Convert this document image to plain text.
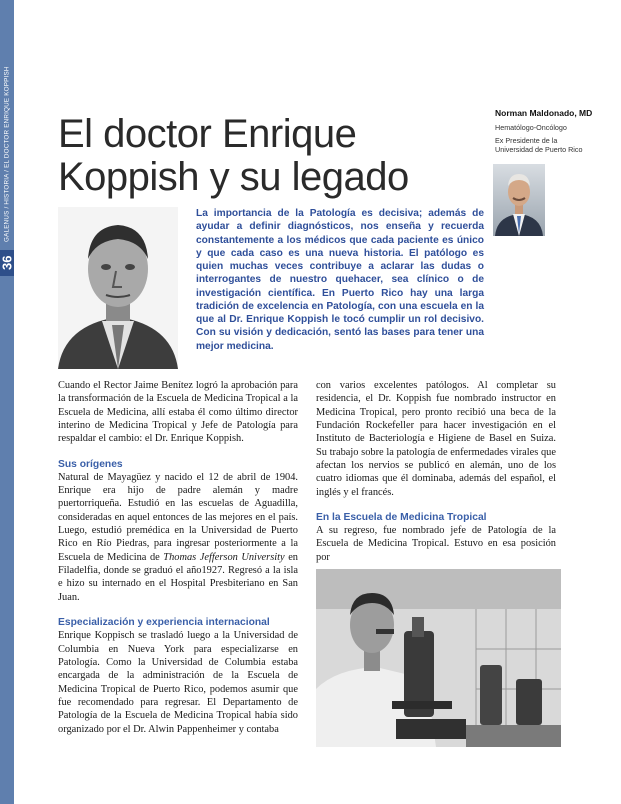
GALENUS / HISTORIA / EL DOCTOR ENRIQUE KOPPISH
36
El doctor Enrique
Koppish y su legado
Norman Maldonado, MD
Hematólogo-Oncólogo
Ex Presidente de la
Universidad de Puerto Rico
La importancia de la Patología es decisiva; además de ayudar a definir diagnósticos, nos enseña y recuerda constantemente a los médicos que cada paciente es único y que cada caso es una nueva historia. El patólogo es quien muchas veces contribuye a aclarar las dudas o interrogantes de nuestro quehacer, sea clínico o de investigación científica. En Puerto Rico hay una larga tradición de excelencia en Patología, con una escuela en la que al Dr. Enrique Koppish le tocó cumplir un rol decisivo. Con su visión y dedicación, sentó las bases para tener una mejor medicina.

Cuando el Rector Jaime Benítez logró la aprobación para la transformación de la Escuela de Medicina Tropical a la Escuela de Medicina, allí estaba él como último director interino de Medicina Tropical y Jefe de Patología para respaldar el cambio: el Dr. Enrique Koppish.

Sus orígenes

Natural de Mayagüez y nacido el 12 de abril de 1904. Enrique era hijo de padre alemán y madre puertorriqueña. Estudió en las escuelas de Aguadilla, consideradas en aquel entonces de las mejores en el país. Luego, estudió premédica en la Universidad de Puerto Rico en Río Piedras, para ingresar posteriormente a la Escuela de Medicina de Thomas Jefferson University en Filadelfia, donde se graduó el año1927. Regresó a la isla e hizo su internado en el Hospital Presbiteriano en San Juan.

Especialización y experiencia internacional

Enrique Koppisch se trasladó luego a la Universidad de Columbia en Nueva York para especializarse en Patología. Como la Universidad de Columbia estaba encargada de la administración de la Escuela de Medicina Tropical de Puerto Rico, podemos asumir que fue recomendado para regresar. El Departamento de Patología de la Escuela de Medicina Tropical había sido organizado por el Dr. Alwin Pappenheimer y contaba

con varios excelentes patólogos. Al completar su residencia, el Dr. Koppish fue nombrado instructor en Medicina Tropical, pero pronto recibió una beca de la Fundación Rockefeller para hacer investigación en el Instituto de Bacteriología e Higiene de Basel en Suiza. Su trabajo sobre la patología de enfermedades virales que afectan los nervios se publicó en alemán, uno de los cuatro idiomas que él dominaba, además del español, el inglés y el francés.

En la Escuela de Medicina Tropical

A su regreso, fue nombrado jefe de Patología de la Escuela de Medicina Tropical. Estuvo en esa posición por
